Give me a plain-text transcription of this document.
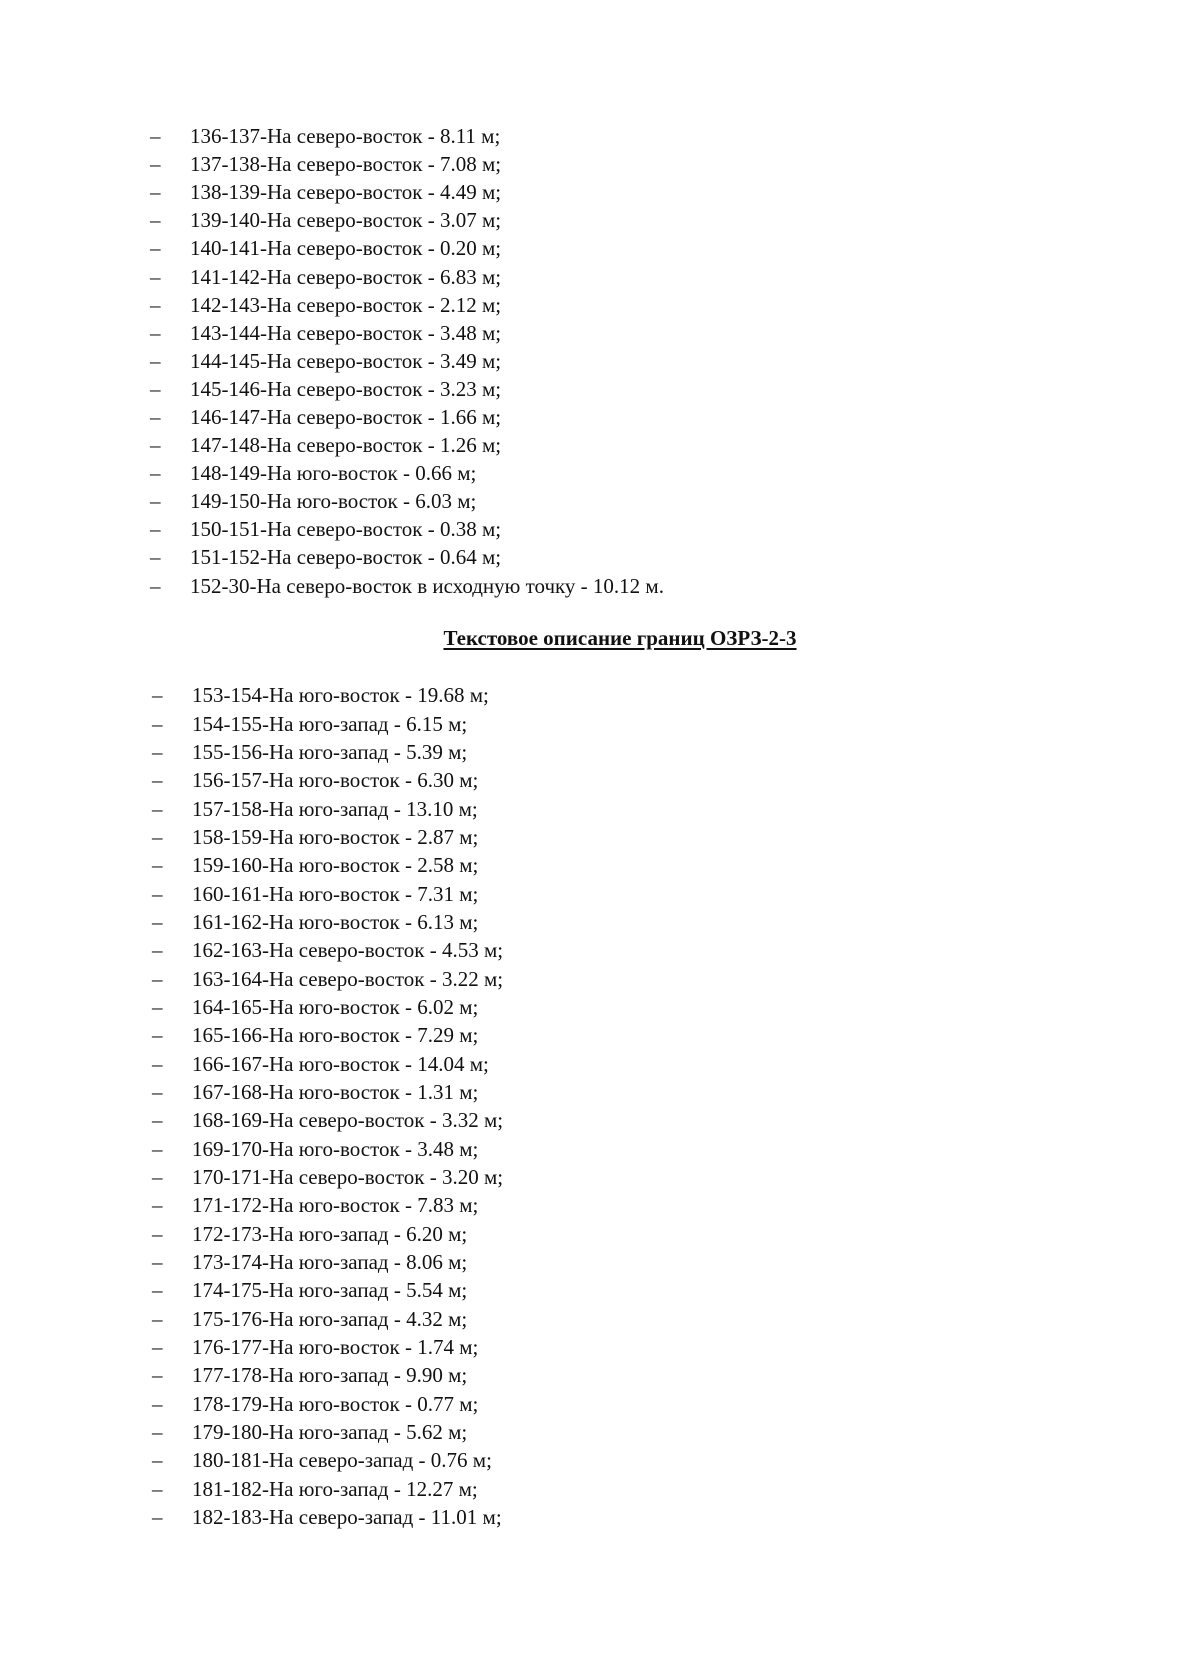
–	136-137-На северо-восток - 8.11 м;
–	137-138-На северо-восток - 7.08 м;
–	138-139-На северо-восток - 4.49 м;
–	139-140-На северо-восток - 3.07 м;
–	140-141-На северо-восток - 0.20 м;
–	141-142-На северо-восток - 6.83 м;
–	142-143-На северо-восток - 2.12 м;
–	143-144-На северо-восток - 3.48 м;
–	144-145-На северо-восток - 3.49 м;
–	145-146-На северо-восток - 3.23 м;
–	146-147-На северо-восток - 1.66 м;
–	147-148-На северо-восток - 1.26 м;
–	148-149-На юго-восток - 0.66 м;
–	149-150-На юго-восток - 6.03 м;
–	150-151-На северо-восток - 0.38 м;
–	151-152-На северо-восток - 0.64 м;
–	152-30-На северо-восток в исходную точку - 10.12 м.
Текстовое описание границ ОЗРЗ-2-3
–	153-154-На юго-восток - 19.68 м;
–	154-155-На юго-запад - 6.15 м;
–	155-156-На юго-запад - 5.39 м;
–	156-157-На юго-восток - 6.30 м;
–	157-158-На юго-запад - 13.10 м;
–	158-159-На юго-восток - 2.87 м;
–	159-160-На юго-восток - 2.58 м;
–	160-161-На юго-восток - 7.31 м;
–	161-162-На юго-восток - 6.13 м;
–	162-163-На северо-восток - 4.53 м;
–	163-164-На северо-восток - 3.22 м;
–	164-165-На юго-восток - 6.02 м;
–	165-166-На юго-восток - 7.29 м;
–	166-167-На юго-восток - 14.04 м;
–	167-168-На юго-восток - 1.31 м;
–	168-169-На северо-восток - 3.32 м;
–	169-170-На юго-восток - 3.48 м;
–	170-171-На северо-восток - 3.20 м;
–	171-172-На юго-восток - 7.83 м;
–	172-173-На юго-запад - 6.20 м;
–	173-174-На юго-запад - 8.06 м;
–	174-175-На юго-запад - 5.54 м;
–	175-176-На юго-запад - 4.32 м;
–	176-177-На юго-восток - 1.74 м;
–	177-178-На юго-запад - 9.90 м;
–	178-179-На юго-восток - 0.77 м;
–	179-180-На юго-запад - 5.62 м;
–	180-181-На северо-запад - 0.76 м;
–	181-182-На юго-запад - 12.27 м;
–	182-183-На северо-запад - 11.01 м;
